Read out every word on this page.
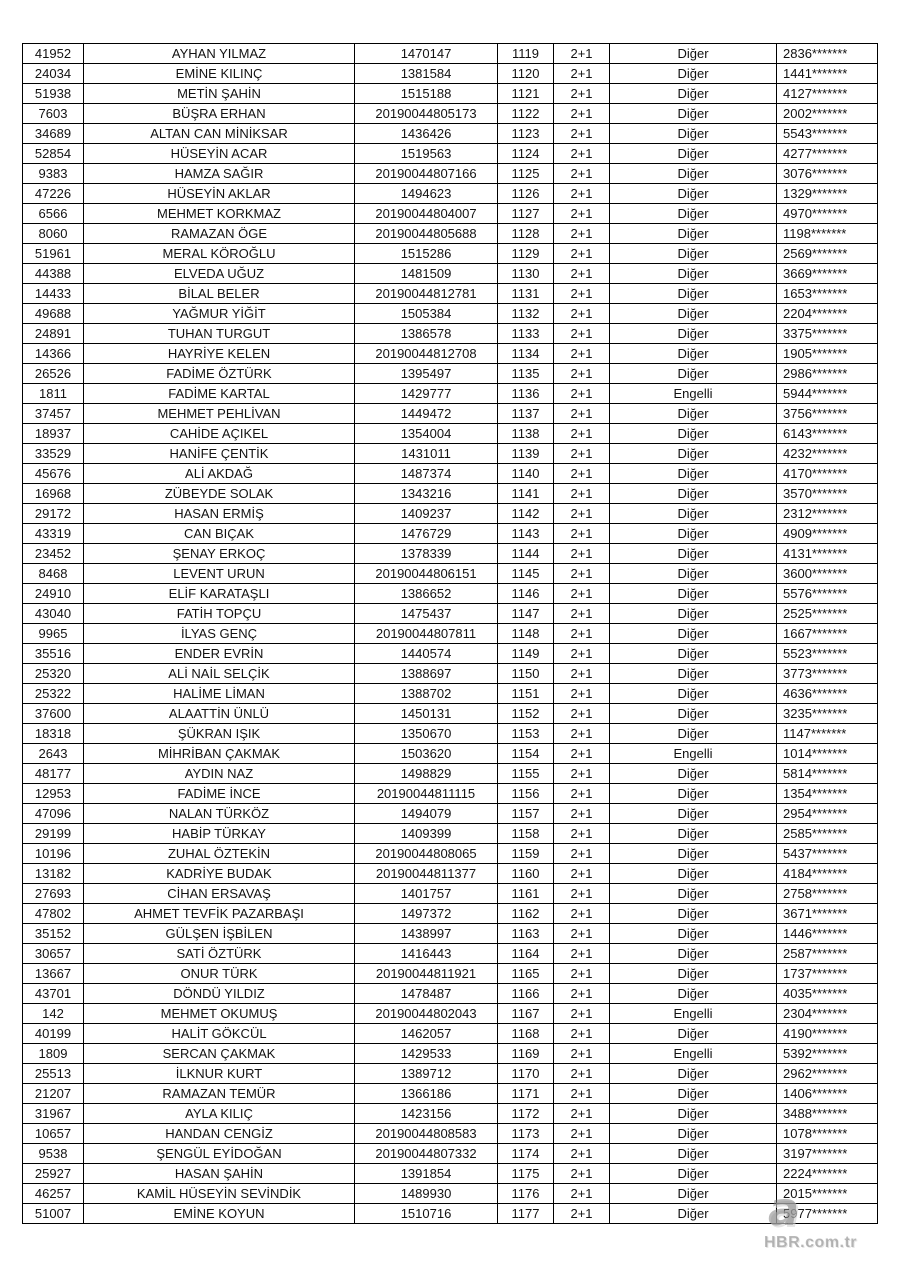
41952	AYHAN YILMAZ	1470147	1119	2+1	Diğer	2836*******
24034	EMİNE KILINÇ	1381584	1120	2+1	Diğer	1441*******
51938	METİN ŞAHİN	1515188	1121	2+1	Diğer	4127*******
7603	BÜŞRA ERHAN	20190044805173	1122	2+1	Diğer	2002*******
34689	ALTAN CAN MİNİKSAR	1436426	1123	2+1	Diğer	5543*******
52854	HÜSEYİN ACAR	1519563	1124	2+1	Diğer	4277*******
9383	HAMZA SAĞIR	20190044807166	1125	2+1	Diğer	3076*******
47226	HÜSEYİN AKLAR	1494623	1126	2+1	Diğer	1329*******
6566	MEHMET KORKMAZ	20190044804007	1127	2+1	Diğer	4970*******
8060	RAMAZAN ÖGE	20190044805688	1128	2+1	Diğer	1198*******
51961	MERAL KÖROĞLU	1515286	1129	2+1	Diğer	2569*******
44388	ELVEDA UĞUZ	1481509	1130	2+1	Diğer	3669*******
14433	BİLAL BELER	20190044812781	1131	2+1	Diğer	1653*******
49688	YAĞMUR YİĞİT	1505384	1132	2+1	Diğer	2204*******
24891	TUHAN TURGUT	1386578	1133	2+1	Diğer	3375*******
14366	HAYRİYE KELEN	20190044812708	1134	2+1	Diğer	1905*******
26526	FADİME ÖZTÜRK	1395497	1135	2+1	Diğer	2986*******
1811	FADİME KARTAL	1429777	1136	2+1	Engelli	5944*******
37457	MEHMET PEHLİVAN	1449472	1137	2+1	Diğer	3756*******
18937	CAHİDE AÇIKEL	1354004	1138	2+1	Diğer	6143*******
33529	HANİFE ÇENTİK	1431011	1139	2+1	Diğer	4232*******
45676	ALİ AKDAĞ	1487374	1140	2+1	Diğer	4170*******
16968	ZÜBEYDE SOLAK	1343216	1141	2+1	Diğer	3570*******
29172	HASAN ERMİŞ	1409237	1142	2+1	Diğer	2312*******
43319	CAN BIÇAK	1476729	1143	2+1	Diğer	4909*******
23452	ŞENAY ERKOÇ	1378339	1144	2+1	Diğer	4131*******
8468	LEVENT URUN	20190044806151	1145	2+1	Diğer	3600*******
24910	ELİF KARATAŞLI	1386652	1146	2+1	Diğer	5576*******
43040	FATİH TOPÇU	1475437	1147	2+1	Diğer	2525*******
9965	İLYAS GENÇ	20190044807811	1148	2+1	Diğer	1667*******
35516	ENDER EVRİN	1440574	1149	2+1	Diğer	5523*******
25320	ALİ NAİL SELÇİK	1388697	1150	2+1	Diğer	3773*******
25322	HALİME LİMAN	1388702	1151	2+1	Diğer	4636*******
37600	ALAATTİN ÜNLÜ	1450131	1152	2+1	Diğer	3235*******
18318	ŞÜKRAN IŞIK	1350670	1153	2+1	Diğer	1147*******
2643	MİHRİBAN ÇAKMAK	1503620	1154	2+1	Engelli	1014*******
48177	AYDIN NAZ	1498829	1155	2+1	Diğer	5814*******
12953	FADİME İNCE	20190044811115	1156	2+1	Diğer	1354*******
47096	NALAN TÜRKÖZ	1494079	1157	2+1	Diğer	2954*******
29199	HABİP TÜRKAY	1409399	1158	2+1	Diğer	2585*******
10196	ZUHAL ÖZTEKİN	20190044808065	1159	2+1	Diğer	5437*******
13182	KADRİYE BUDAK	20190044811377	1160	2+1	Diğer	4184*******
27693	CİHAN ERSAVAŞ	1401757	1161	2+1	Diğer	2758*******
47802	AHMET TEVFİK PAZARBAŞI	1497372	1162	2+1	Diğer	3671*******
35152	GÜLŞEN İŞBİLEN	1438997	1163	2+1	Diğer	1446*******
30657	SATİ ÖZTÜRK	1416443	1164	2+1	Diğer	2587*******
13667	ONUR TÜRK	20190044811921	1165	2+1	Diğer	1737*******
43701	DÖNDÜ YILDIZ	1478487	1166	2+1	Diğer	4035*******
142	MEHMET OKUMUŞ	20190044802043	1167	2+1	Engelli	2304*******
40199	HALİT GÖKCÜL	1462057	1168	2+1	Diğer	4190*******
1809	SERCAN ÇAKMAK	1429533	1169	2+1	Engelli	5392*******
25513	İLKNUR KURT	1389712	1170	2+1	Diğer	2962*******
21207	RAMAZAN TEMÜR	1366186	1171	2+1	Diğer	1406*******
31967	AYLA KILIÇ	1423156	1172	2+1	Diğer	3488*******
10657	HANDAN CENGİZ	20190044808583	1173	2+1	Diğer	1078*******
9538	ŞENGÜL EYİDOĞAN	20190044807332	1174	2+1	Diğer	3197*******
25927	HASAN ŞAHİN	1391854	1175	2+1	Diğer	2224*******
46257	KAMİL HÜSEYİN SEVİNDİK	1489930	1176	2+1	Diğer	2015*******
51007	EMİNE KOYUN	1510716	1177	2+1	Diğer	5977*******
a
HBR.com.tr
